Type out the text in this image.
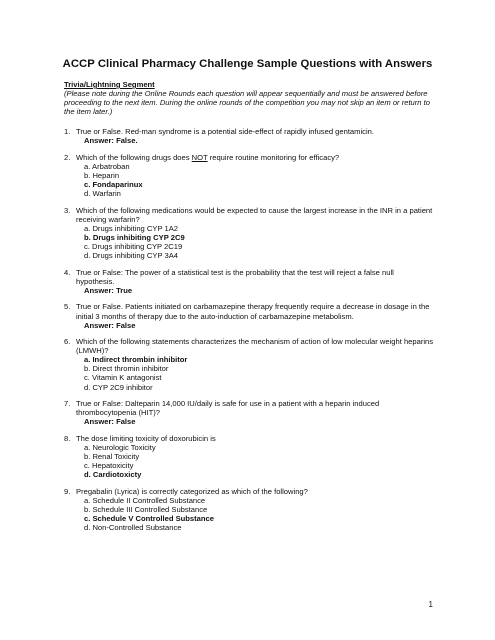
ACCP Clinical Pharmacy Challenge Sample Questions with Answers
Trivia/Lightning Segment
(Please note during the Online Rounds each question will appear sequentially and must be answered before proceeding to the next item. During the online rounds of the competition you may not skip an item or return to the item later.)
1. True or False. Red-man syndrome is a potential side-effect of rapidly infused gentamicin.
Answer: False.
2. Which of the following drugs does NOT require routine monitoring for efficacy?
a. Arbatroban
b. Heparin
c. Fondaparinux
d. Warfarin
3. Which of the following medications would be expected to cause the largest increase in the INR in a patient receiving warfarin?
a. Drugs inhibiting CYP 1A2
b. Drugs inhibiting CYP 2C9
c. Drugs inhibiting CYP 2C19
d. Drugs inhibiting CYP 3A4
4. True or False: The power of a statistical test is the probability that the test will reject a false null hypothesis.
Answer: True
5. True or False. Patients initiated on carbamazepine therapy frequently require a decrease in dosage in the initial 3 months of therapy due to the auto-induction of carbamazepine metabolism.
Answer: False
6. Which of the following statements characterizes the mechanism of action of low molecular weight heparins (LMWH)?
a. Indirect thrombin inhibitor
b. Direct thromin inhibitor
c. Vitamin K antagonist
d. CYP 2C9 inhibitor
7. True or False: Dalteparin 14,000 IU/daily is safe for use in a patient with a heparin induced thrombocytopenia (HIT)?
Answer: False
8. The dose limiting toxicity of doxorubicin is
a. Neurologic Toxicity
b. Renal Toxicity
c. Hepatoxicity
d. Cardiotoxicty
9. Pregabalin (Lyrica) is correctly categorized as which of the following?
a. Schedule II Controlled Substance
b. Schedule III Controlled Substance
c. Schedule V Controlled Substance
d. Non-Controlled Substance
1
